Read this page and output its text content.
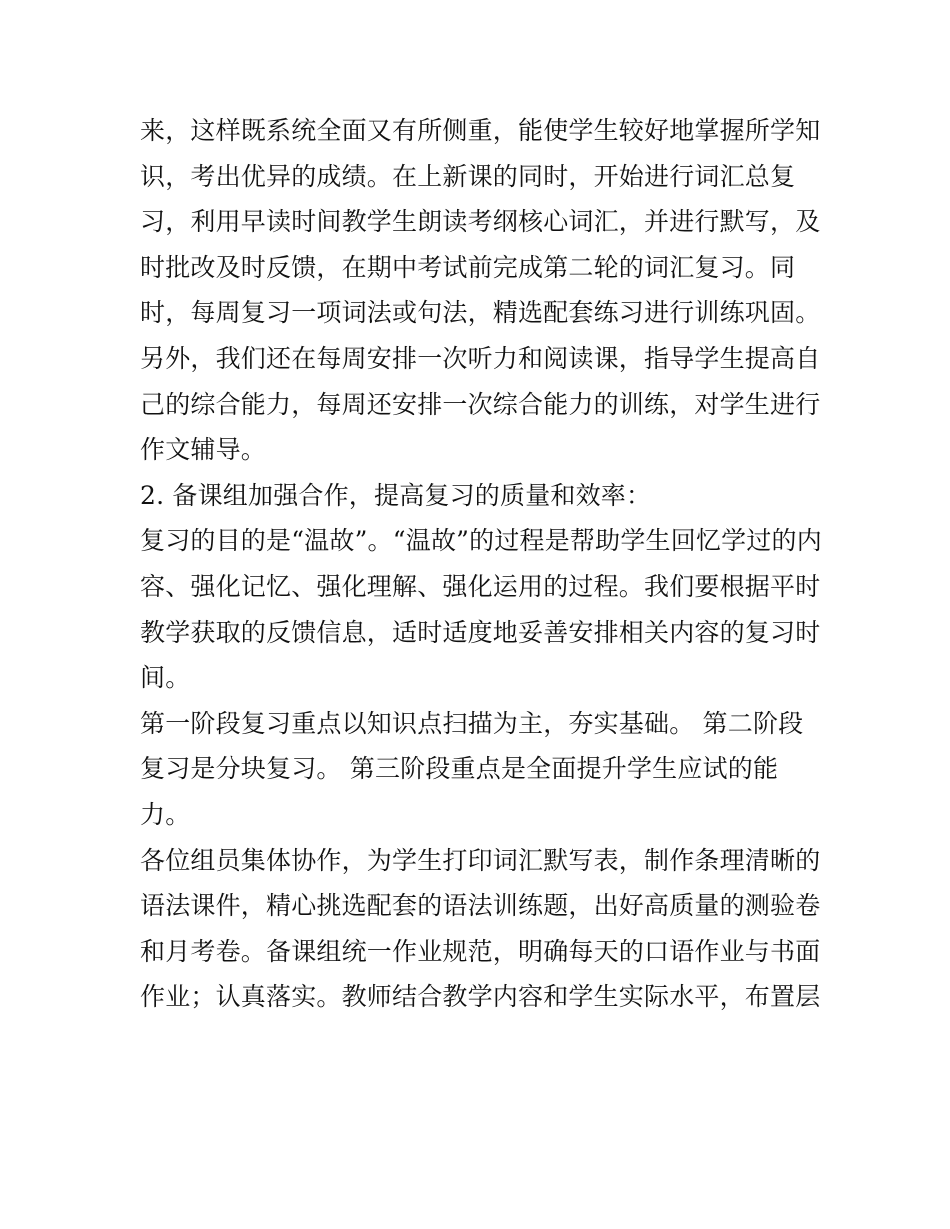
来，这样既系统全面又有所侧重，能使学生较好地掌握所学知
识，考出优异的成绩。在上新课的同时，开始进行词汇总复
习，利用早读时间教学生朗读考纲核心词汇，并进行默写，及
时批改及时反馈，在期中考试前完成第二轮的词汇复习。同
时，每周复习一项词法或句法，精选配套练习进行训练巩固。
另外，我们还在每周安排一次听力和阅读课，指导学生提高自
己的综合能力，每周还安排一次综合能力的训练，对学生进行
作文辅导。
2. 备课组加强合作，提高复习的质量和效率：
复习的目的是“温故”。“温故”的过程是帮助学生回忆学过的内
容、强化记忆、强化理解、强化运用的过程。我们要根据平时
教学获取的反馈信息，适时适度地妥善安排相关内容的复习时
间。
第一阶段复习重点以知识点扫描为主，夯实基础。 第二阶段
复习是分块复习。 第三阶段重点是全面提升学生应试的能
力。
各位组员集体协作，为学生打印词汇默写表，制作条理清晰的
语法课件，精心挑选配套的语法训练题，出好高质量的测验卷
和月考卷。备课组统一作业规范，明确每天的口语作业与书面
作业；认真落实。教师结合教学内容和学生实际水平，布置层
